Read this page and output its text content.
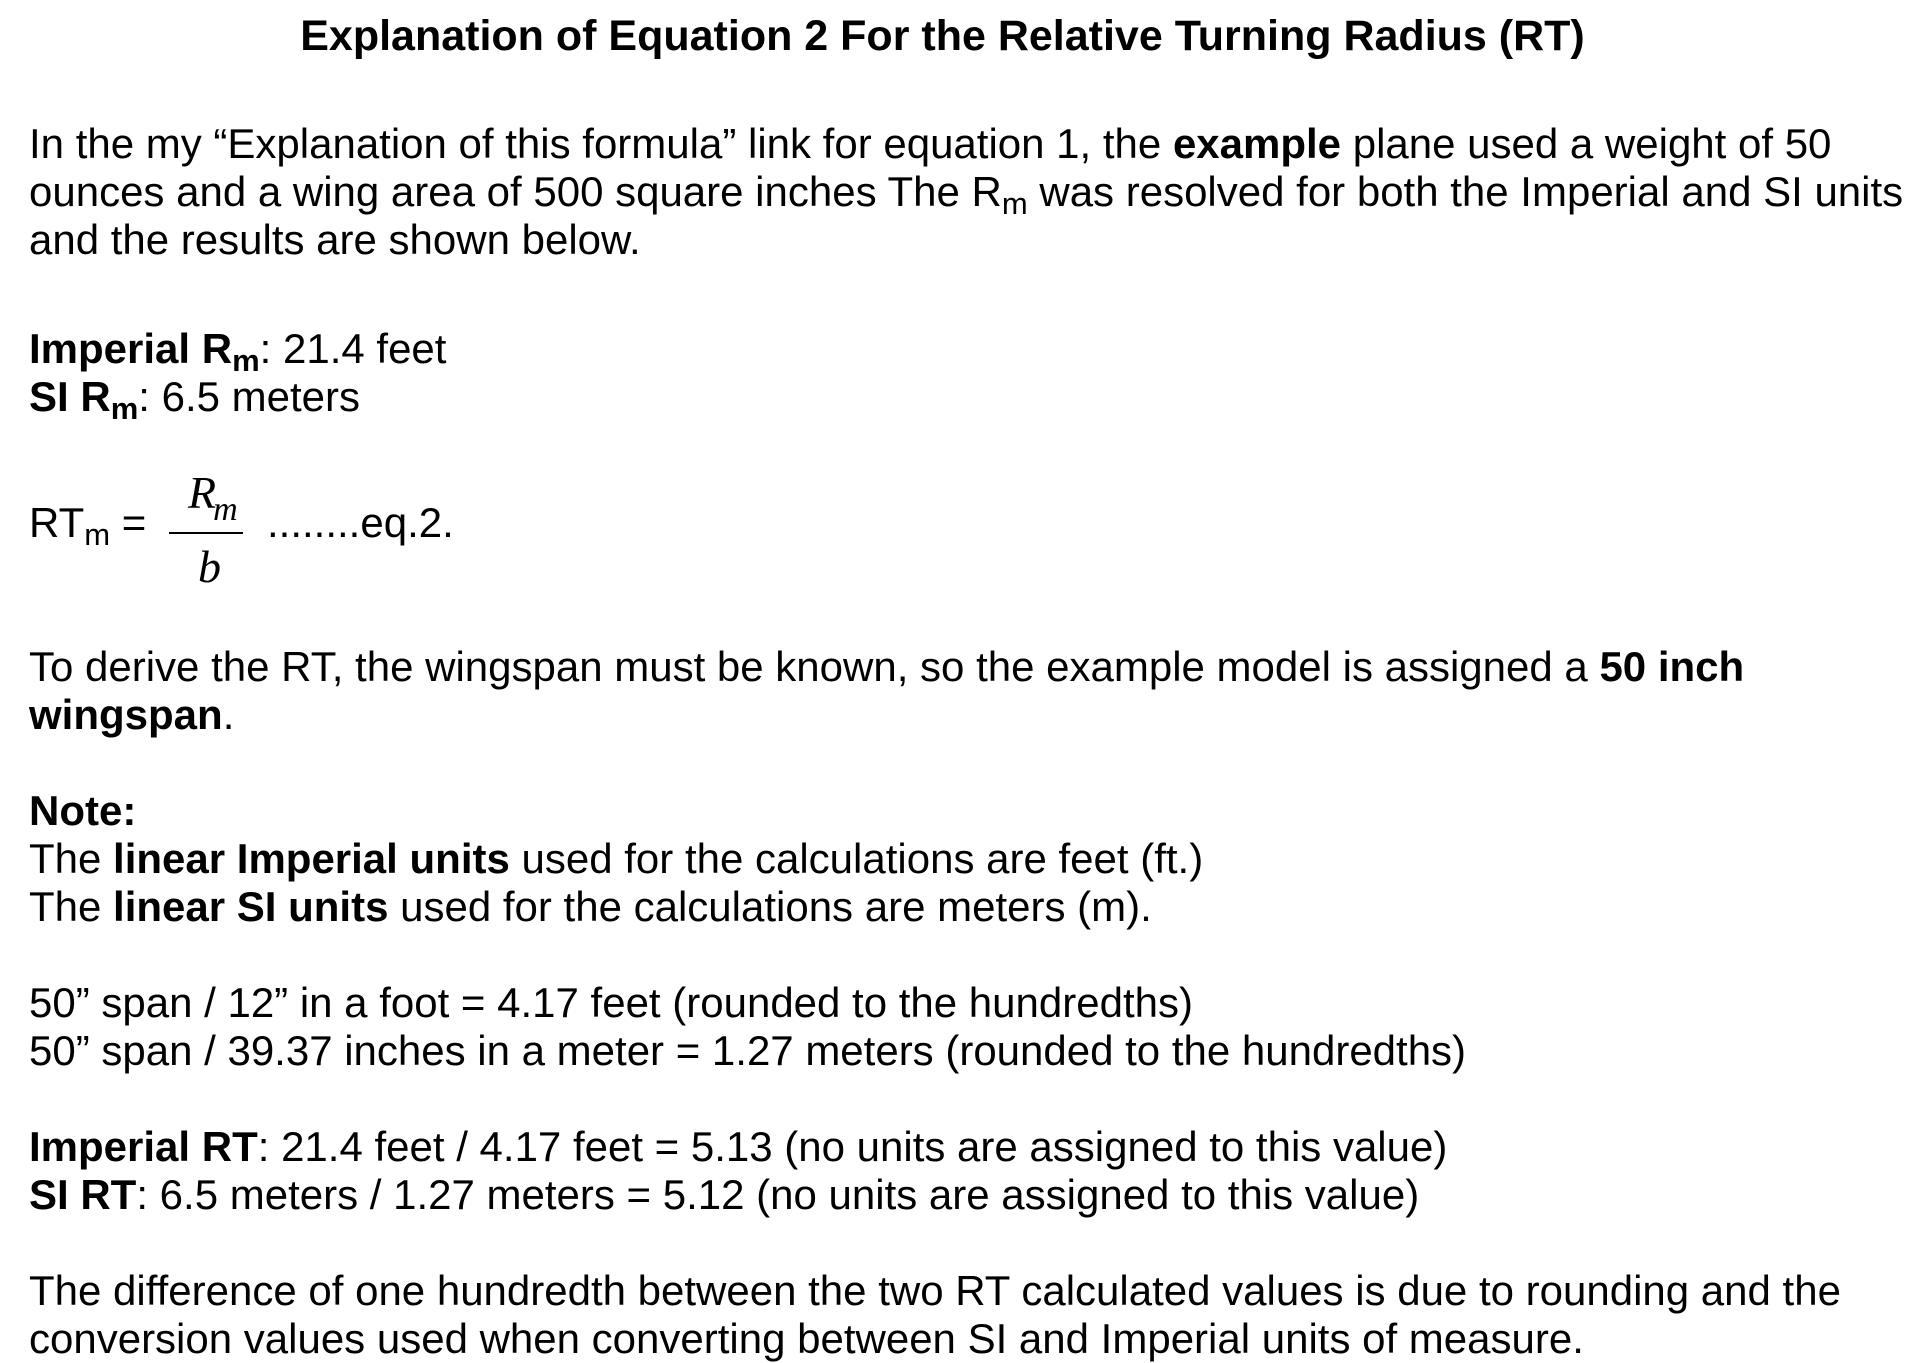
Explanation of Equation 2 For the Relative Turning Radius (RT)

In the my “Explanation of this formula” link for equation 1, the example plane used a weight of 50 ounces and a wing area of 500 square inches The Rm was resolved for both the Imperial and SI units and the results are shown below.

Imperial Rm: 21.4 feet

SI Rm: 6.5 meters

RTm =
$R_m$
b
........eq.2.

To derive the RT, the wingspan must be known, so the example model is assigned a 50 inch wingspan.

Note:

The linear Imperial units used for the calculations are feet (ft.)

The linear SI units used for the calculations are meters (m).

50” span / 12” in a foot = 4.17 feet (rounded to the hundredths)

50” span / 39.37 inches in a meter = 1.27 meters (rounded to the hundredths)

Imperial RT: 21.4 feet / 4.17 feet = 5.13 (no units are assigned to this value)

SI RT: 6.5 meters / 1.27 meters = 5.12 (no units are assigned to this value)

The difference of one hundredth between the two RT calculated values is due to rounding and the conversion values used when converting between SI and Imperial units of measure.
